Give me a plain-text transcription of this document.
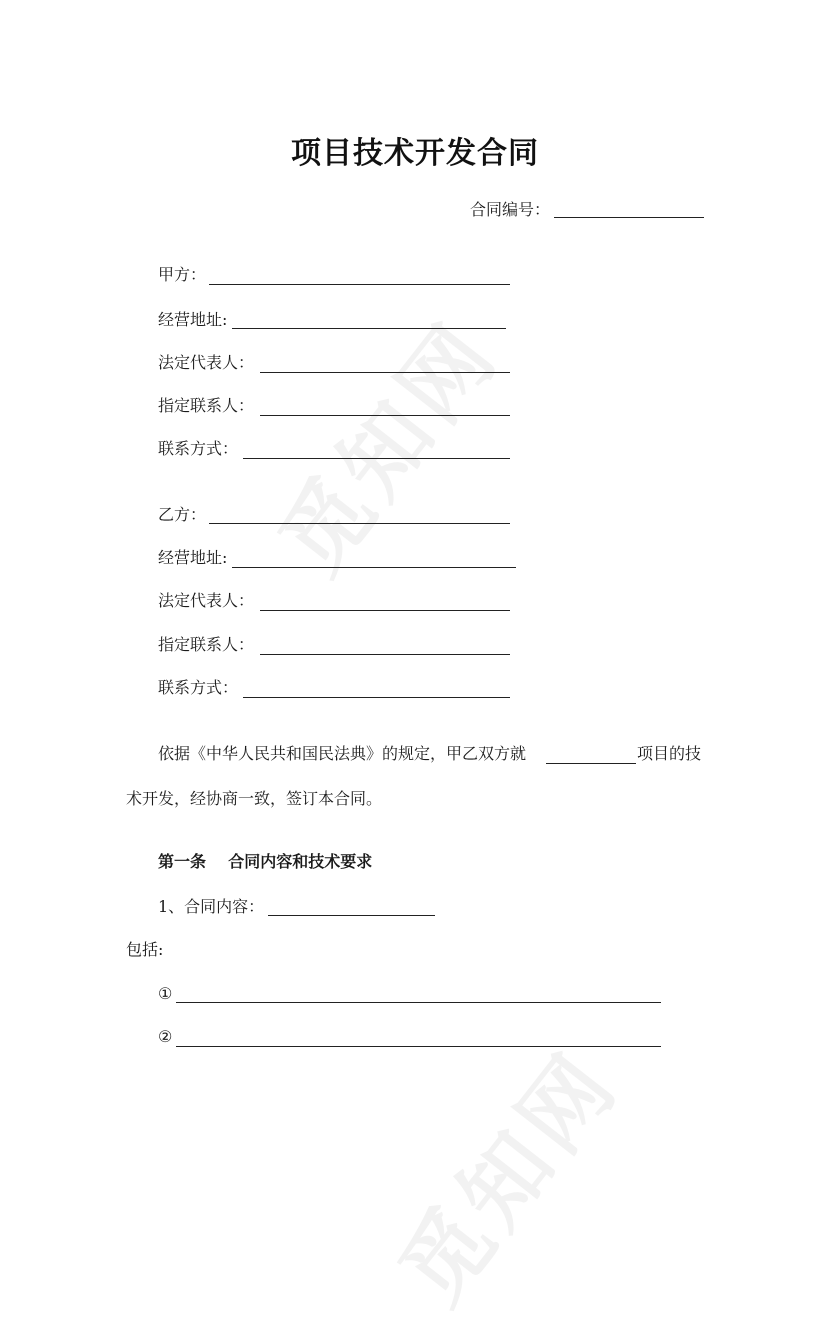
觅知网
觅知网
项目技术开发合同
合同编号：
甲方：
经营地址:
法定代表人：
指定联系人：
联系方式：
乙方：
经营地址:
法定代表人：
指定联系人：
联系方式：
依据《中华人民共和国民法典》的规定，甲乙双方就	项目的技
术开发，经协商一致，签订本合同。
第一条    合同内容和技术要求
1、合同内容：
包括:
①
②
